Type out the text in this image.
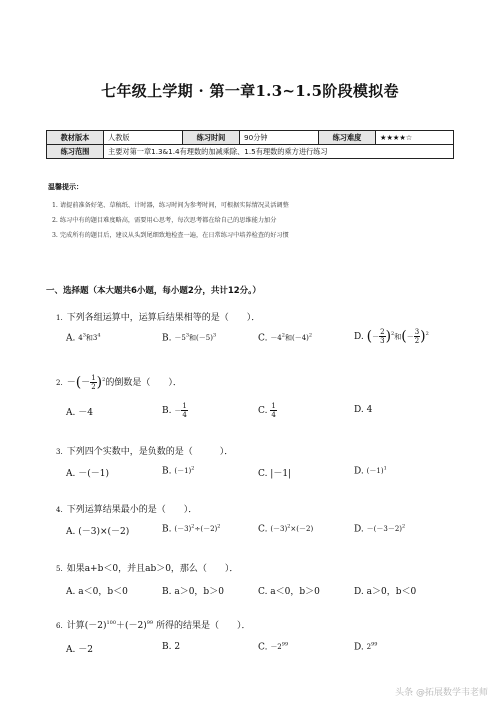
七年级上学期 · 第一章1.3~1.5阶段模拟卷
教材版本	人教版	练习时间	90分钟	练习难度	★★★★☆
练习范围	主要对第一章1.3&1.4有理数的加减乘除、1.5有理数的乘方进行练习				
温馨提示：
1. 请提前准备好笔、草稿纸、计时器，练习时间为参考时间，可根据实际情况灵活调整
2. 练习中有的题目难度略高，需要用心思考，每次思考都在给自己的思维能力加分
3. 完成所有的题目后，建议从头到尾细致地检查一遍，在日常练习中培养检查的好习惯
一、选择题（本大题共6小题，每小题2分，共计12分。）
1. 下列各组运算中，运算后结果相等的是（　　）．
A. $4^3$和$3^4$	B. $-5^3$和$(-5)^3$	C. $-4^2$和$(-4)^2$	D. (－ $\frac{2}{3} )^2$和(－ $\frac{3}{2} )^2$
2. －(－ $\frac{1}{2} )^2$的倒数是（　　）．
A. －4	B. － $\frac{1}{4}$	C. $\frac{1}{4}$	D. 4
3. 下列四个实数中，是负数的是（　　　）．
A. －(－1)	B. $(-1)^2$	C. |－1|	D. $(-1)^1$
4. 下列运算结果最小的是（　　）．
A. (－3)×(－2)	B. $(-3)^2\div(-2)^2$	C. $(-3)^2\times(-2)$	D. $-(-3-2)^2$
5. 如果a+b＜0，并且ab＞0，那么（　　）．
A. a＜0，b＜0	B. a＞0，b＞0	C. a＜0，b＞0	D. a＞0，b＜0
6. 计算$(-2)^{100}+(-2)^{99}$ 所得的结果是（　　）．
A. －2	B. 2	C. $-2^{99}$	D. $2^{99}$
头条 @拓展数学韦老师
